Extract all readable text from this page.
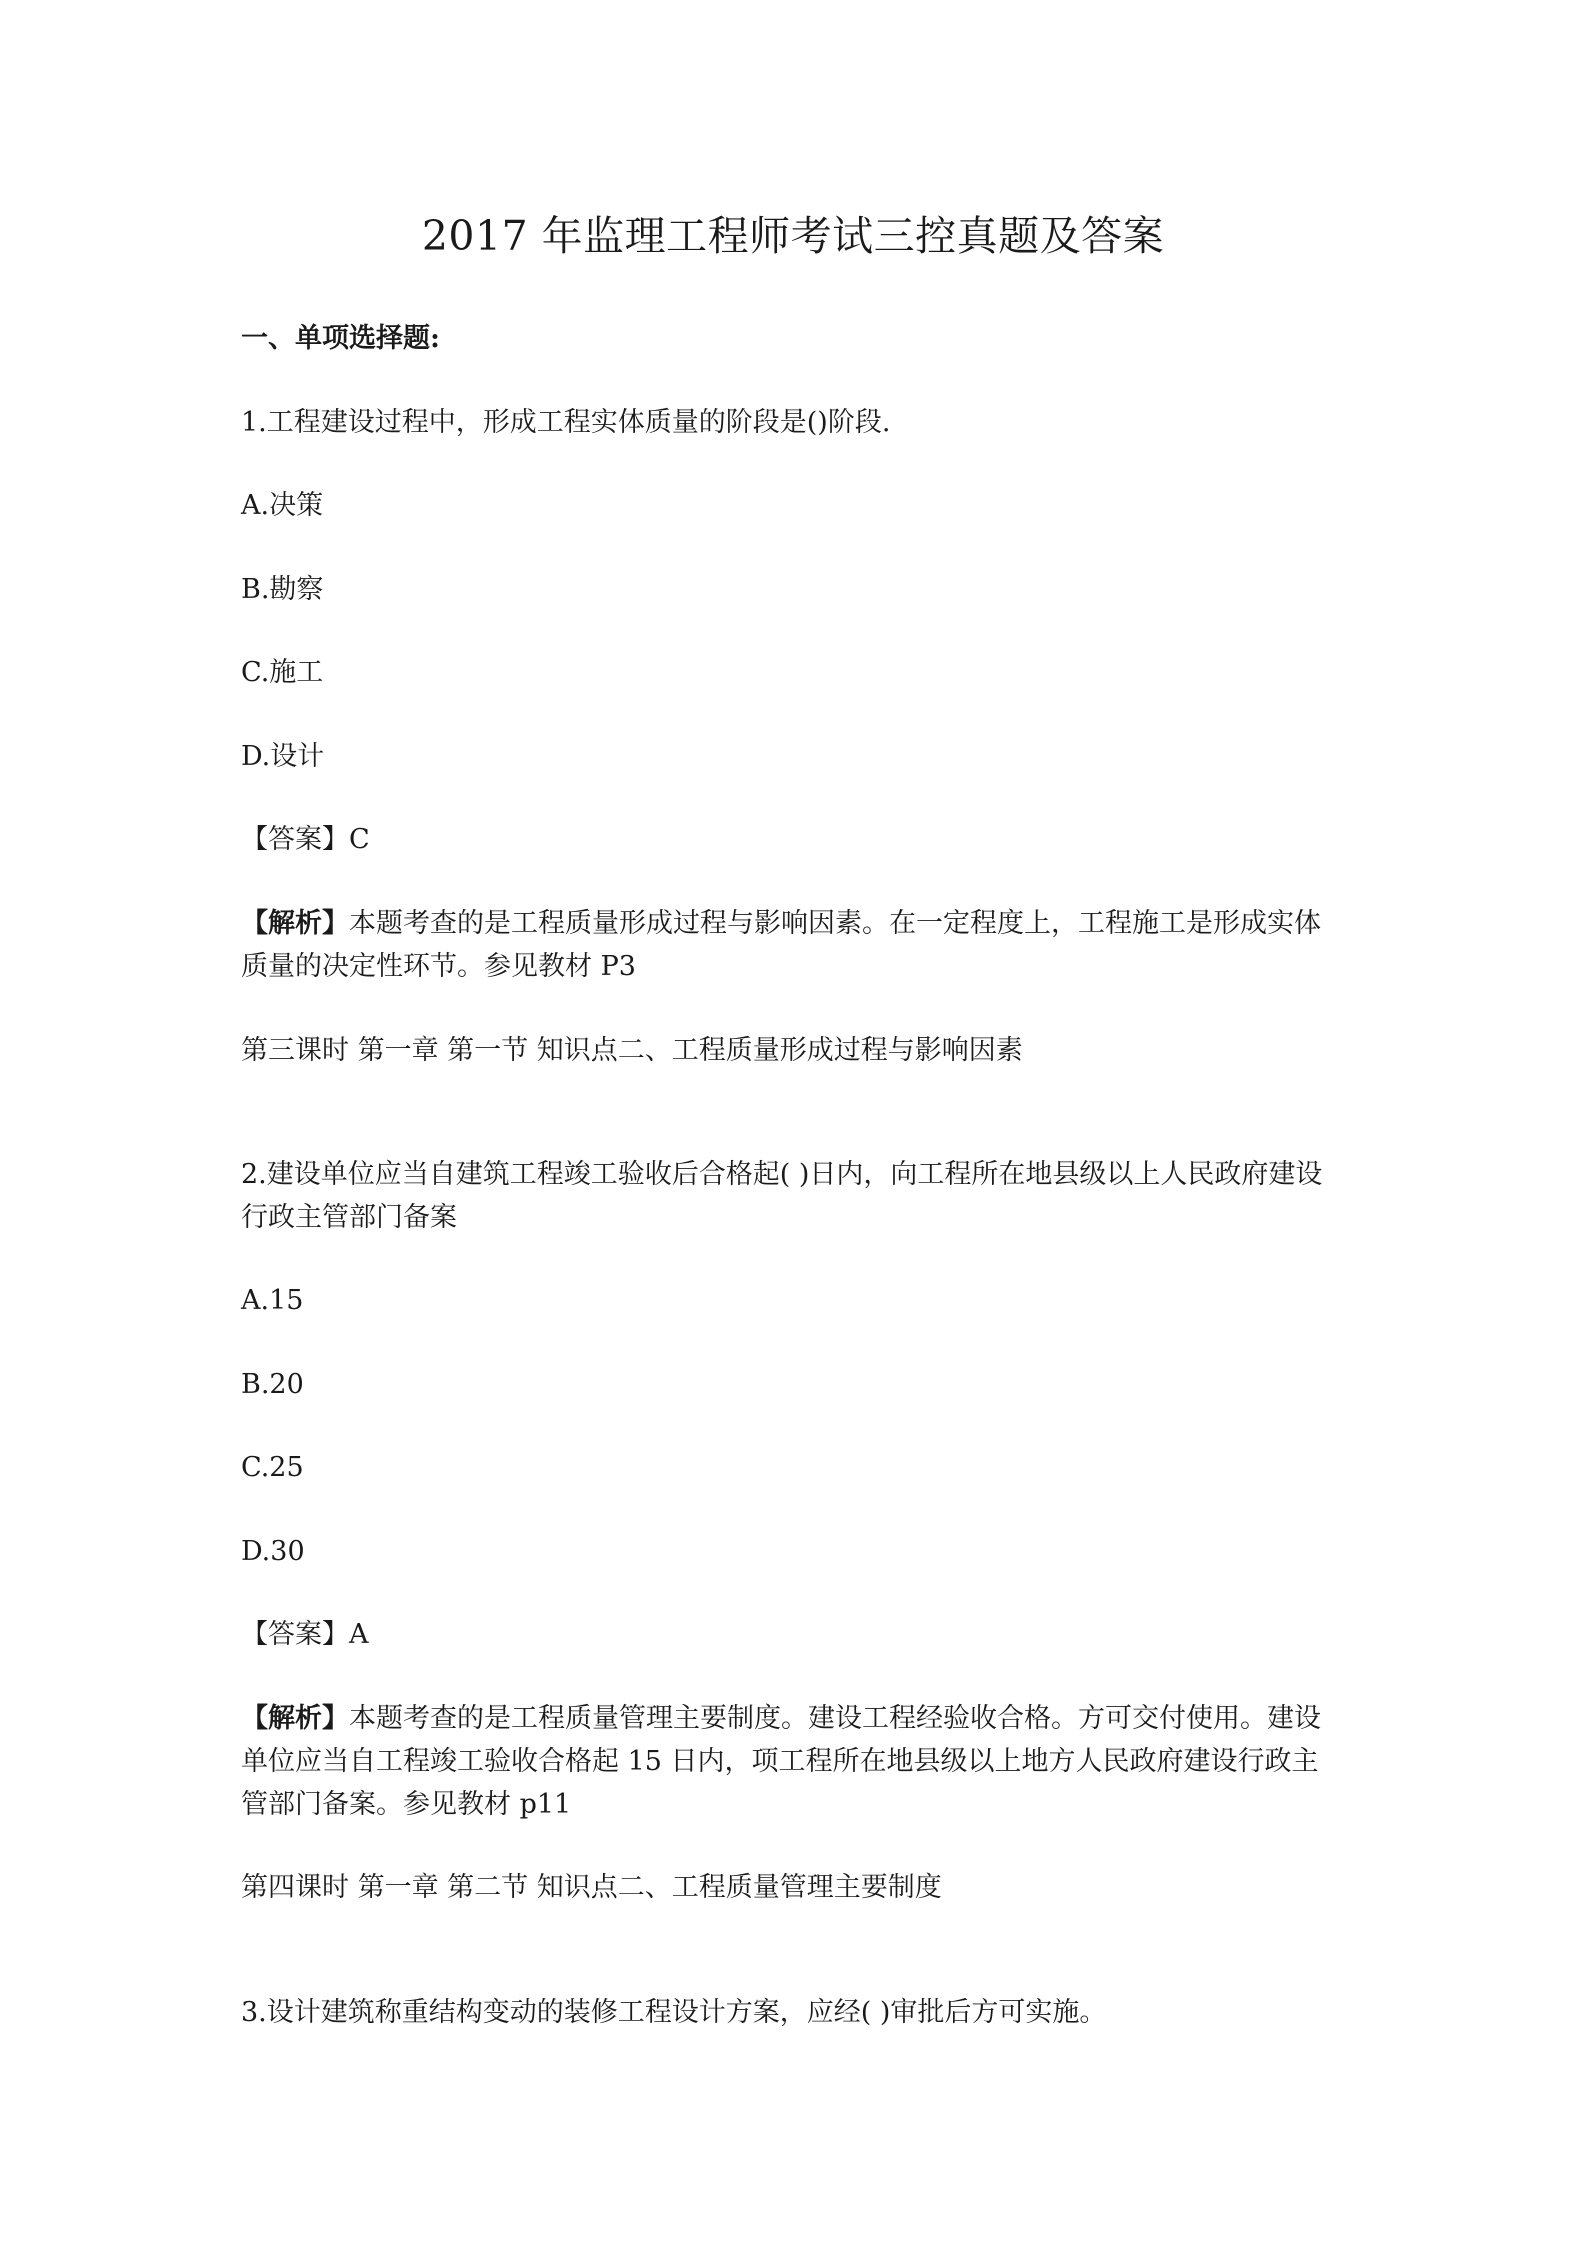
2017 年监理工程师考试三控真题及答案
一、单项选择题:
1.工程建设过程中，形成工程实体质量的阶段是()阶段.
A.决策
B.勘察
C.施工
D.设计
【答案】C
【解析】本题考查的是工程质量形成过程与影响因素。在一定程度上，工程施工是形成实体
质量的决定性环节。参见教材 P3
第三课时 第一章 第一节 知识点二、工程质量形成过程与影响因素
2.建设单位应当自建筑工程竣工验收后合格起( )日内，向工程所在地县级以上人民政府建设
行政主管部门备案
A.15
B.20
C.25
D.30
【答案】A
【解析】本题考查的是工程质量管理主要制度。建设工程经验收合格。方可交付使用。建设
单位应当自工程竣工验收合格起 15 日内，项工程所在地县级以上地方人民政府建设行政主
管部门备案。参见教材 p11
第四课时 第一章 第二节 知识点二、工程质量管理主要制度
3.设计建筑称重结构变动的装修工程设计方案，应经( )审批后方可实施。
